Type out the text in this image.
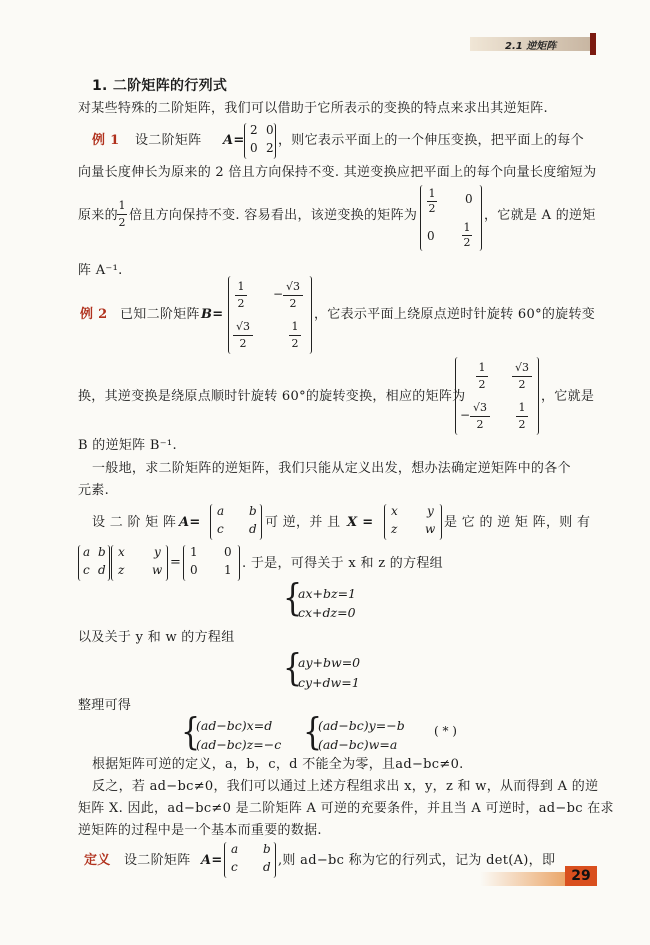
2.1 逆矩阵
1. 二阶矩阵的行列式
对某些特殊的二阶矩阵，我们可以借助于它所表示的变换的特点来求出其逆矩阵.
例 1 设二阶矩阵 A=
2 0
0 2 ，则它表示平面上的一个伸压变换，把平面上的每个
向量长度伸长为原来的 2 倍且方向保持不变. 其逆变换应把平面上的每个向量长度缩短为
原来的
1
2 倍且方向保持不变. 容易看出，该逆变换的矩阵为
1
2
0
0
1
2
，它就是 A 的逆矩
阵 A⁻¹.
例 2 已知二阶矩阵 B=
1
2
−
√3
2
√3
2
1
2
，它表示平面上绕原点逆时针旋转 60°的旋转变
换，其逆变换是绕原点顺时针旋转 60°的旋转变换，相应的矩阵为
1
2
√3
2
−
√3
2
1
2
，它就是
B 的逆矩阵 B⁻¹.
一般地，求二阶矩阵的逆矩阵，我们只能从定义出发，想办法确定逆矩阵中的各个
元素.
设 二 阶 矩 阵 A=
a b
c d 可 逆，并 且 X =
x y
z w 是 它 的 逆 矩 阵，则 有
a b
c d
x y
z w =
1 0
0 1 . 于是，可得关于 x 和 z 的方程组
{
ax+bz=1
cx+dz=0
以及关于 y 和 w 的方程组
{
ay+bw=0
cy+dw=1
整理可得
{
(ad−bc)x=d
(ad−bc)z=−c {
(ad−bc)y=−b
(ad−bc)w=a
( * )
根据矩阵可逆的定义，a，b，c，d 不能全为零，且ad−bc≠0.
反之，若 ad−bc≠0，我们可以通过上述方程组求出 x，y，z 和 w，从而得到 A 的逆
矩阵 X. 因此，ad−bc≠0 是二阶矩阵 A 可逆的充要条件，并且当 A 可逆时，ad−bc 在求
逆矩阵的过程中是一个基本而重要的数据.
定义 设二阶矩阵 A=
a b
c d ,则 ad−bc 称为它的行列式，记为 det(A)，即
29
